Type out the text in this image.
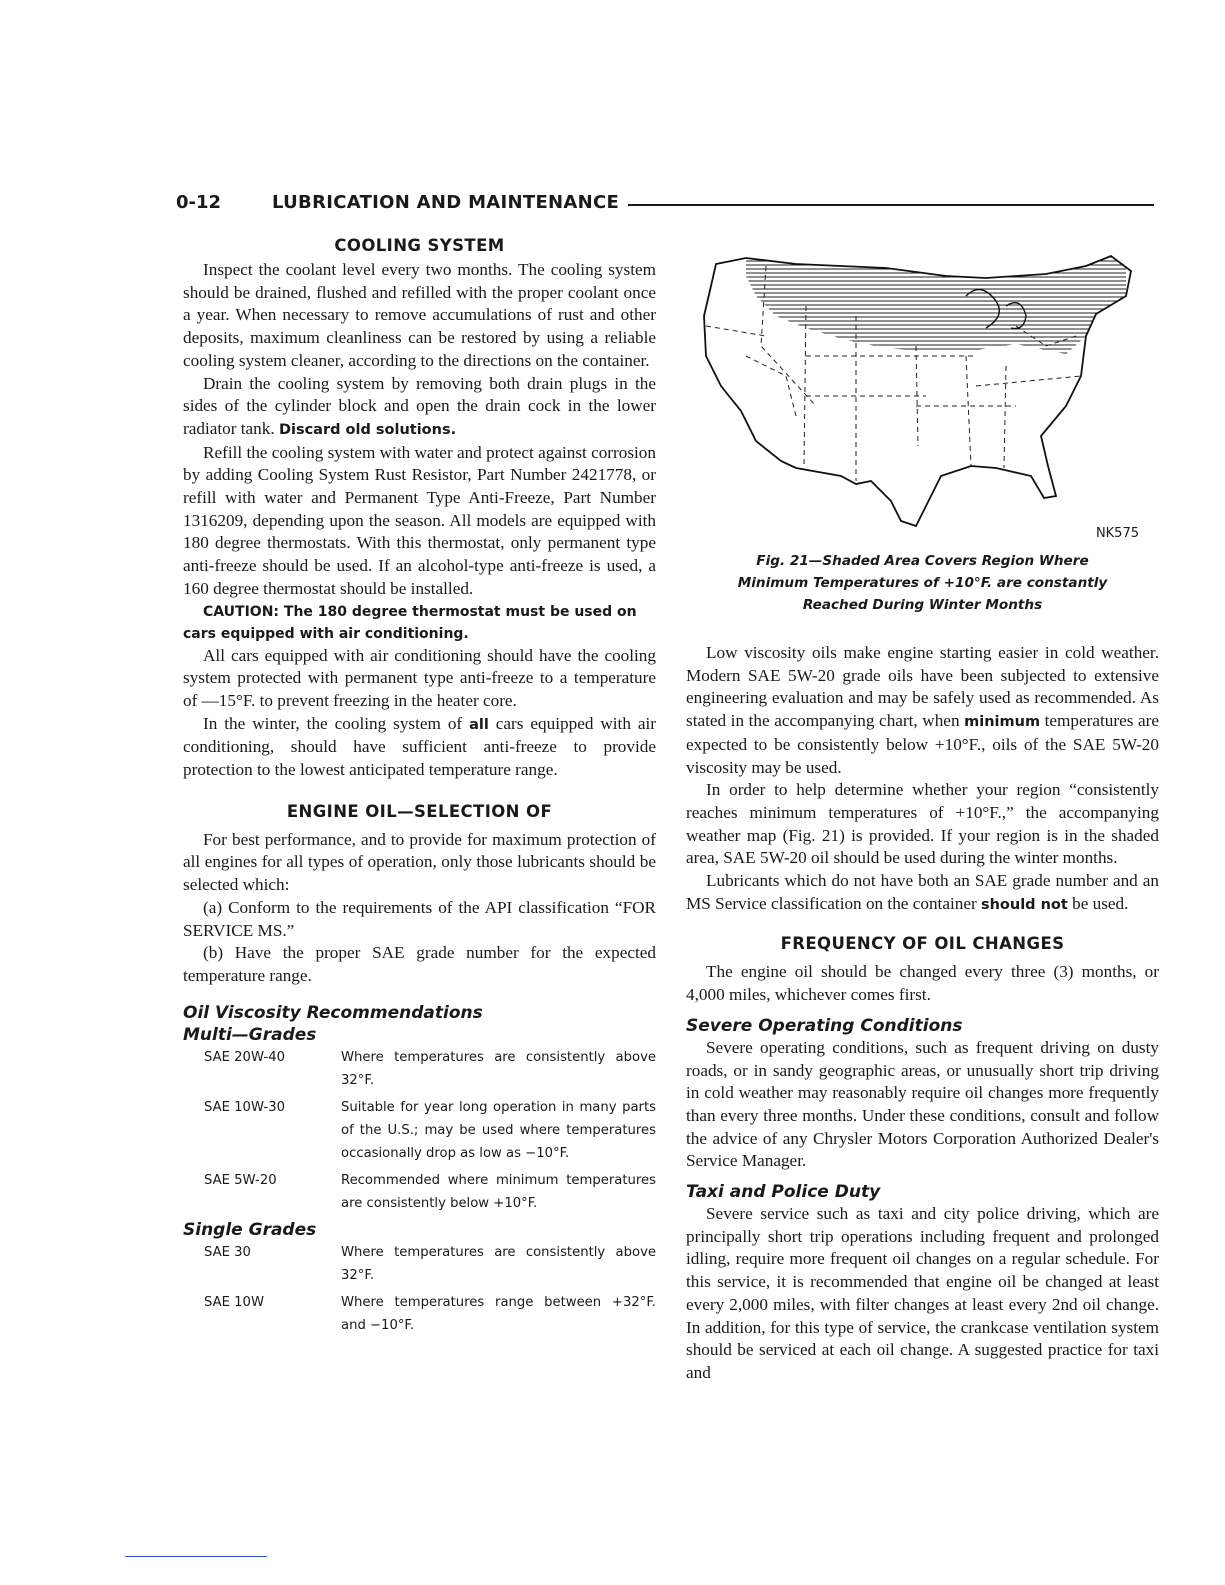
0-12	LUBRICATION AND MAINTENANCE
COOLING SYSTEM

Inspect the coolant level every two months. The cooling system should be drained, flushed and refilled with the proper coolant once a year. When necessary to remove accumulations of rust and other deposits, maximum cleanliness can be restored by using a reliable cooling system cleaner, according to the directions on the container.

Drain the cooling system by removing both drain plugs in the sides of the cylinder block and open the drain cock in the lower radiator tank. Discard old solutions.

Refill the cooling system with water and protect against corrosion by adding Cooling System Rust Resistor, Part Number 2421778, or refill with water and Permanent Type Anti-Freeze, Part Number 1316209, depending upon the season. All models are equipped with 180 degree thermostats. With this thermostat, only permanent type anti-freeze should be used. If an alcohol-type anti-freeze is used, a 160 degree thermostat should be installed.

CAUTION: The 180 degree thermostat must be used on cars equipped with air conditioning.

All cars equipped with air conditioning should have the cooling system protected with permanent type anti-freeze to a temperature of —15°F. to prevent freezing in the heater core.

In the winter, the cooling system of all cars equipped with air conditioning, should have sufficient anti-freeze to provide protection to the lowest anticipated temperature range.

ENGINE OIL—SELECTION OF

For best performance, and to provide for maximum protection of all engines for all types of operation, only those lubricants should be selected which:

(a) Conform to the requirements of the API classification “FOR SERVICE MS.”

(b) Have the proper SAE grade number for the expected temperature range.

Oil Viscosity Recommendations
Multi—Grades
SAE 20W-40	Where temperatures are consistently above 32°F.
SAE 10W-30	Suitable for year long operation in many parts of the U.S.; may be used where temperatures occasionally drop as low as −10°F.
SAE 5W-20	Recommended where minimum temperatures are consistently below +10°F.
Single Grades
SAE 30	Where temperatures are consistently above 32°F.
SAE 10W	Where temperatures range between +32°F. and −10°F.
NK575
Fig. 21—Shaded Area Covers Region Where
Minimum Temperatures of +10°F. are constantly
Reached During Winter Months

Low viscosity oils make engine starting easier in cold weather. Modern SAE 5W-20 grade oils have been subjected to extensive engineering evaluation and may be safely used as recommended. As stated in the accompanying chart, when minimum temperatures are expected to be consistently below +10°F., oils of the SAE 5W-20 viscosity may be used.

In order to help determine whether your region “consistently reaches minimum temperatures of +10°F.,” the accompanying weather map (Fig. 21) is provided. If your region is in the shaded area, SAE 5W-20 oil should be used during the winter months.

Lubricants which do not have both an SAE grade number and an MS Service classification on the container should not be used.

FREQUENCY OF OIL CHANGES

The engine oil should be changed every three (3) months, or 4,000 miles, whichever comes first.

Severe Operating Conditions

Severe operating conditions, such as frequent driving on dusty roads, or in sandy geographic areas, or unusually short trip driving in cold weather may reasonably require oil changes more frequently than every three months. Under these conditions, consult and follow the advice of any Chrysler Motors Corporation Authorized Dealer's Service Manager.

Taxi and Police Duty

Severe service such as taxi and city police driving, which are principally short trip operations including frequent and prolonged idling, require more frequent oil changes on a regular schedule. For this service, it is recommended that engine oil be changed at least every 2,000 miles, with filter changes at least every 2nd oil change. In addition, for this type of service, the crankcase ventilation system should be serviced at each oil change. A suggested practice for taxi and
